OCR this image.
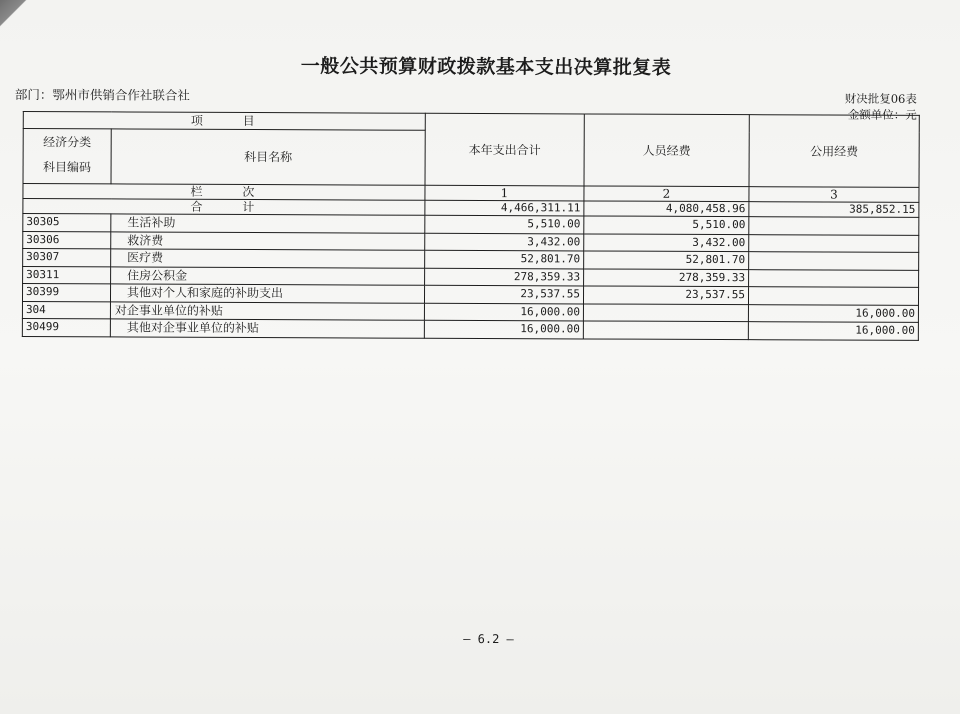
一般公共预算财政拨款基本支出决算批复表
部门：鄂州市供销合作社联合社	财决批复06表
金额单位：元
项 目		本年支出合计	人员经费	公用经费

经济分类
科目编码	科目名称			
栏 次		1	2	3
合 计		4,466,311.11	4,080,458.96	385,852.15
30305	生活补助	5,510.00	5,510.00	
30306	救济费	3,432.00	3,432.00	
30307	医疗费	52,801.70	52,801.70	
30311	住房公积金	278,359.33	278,359.33	
30399	其他对个人和家庭的补助支出	23,537.55	23,537.55	
304	对企事业单位的补贴	16,000.00		16,000.00
30499	其他对企事业单位的补贴	16,000.00		16,000.00
— 6.2 —
